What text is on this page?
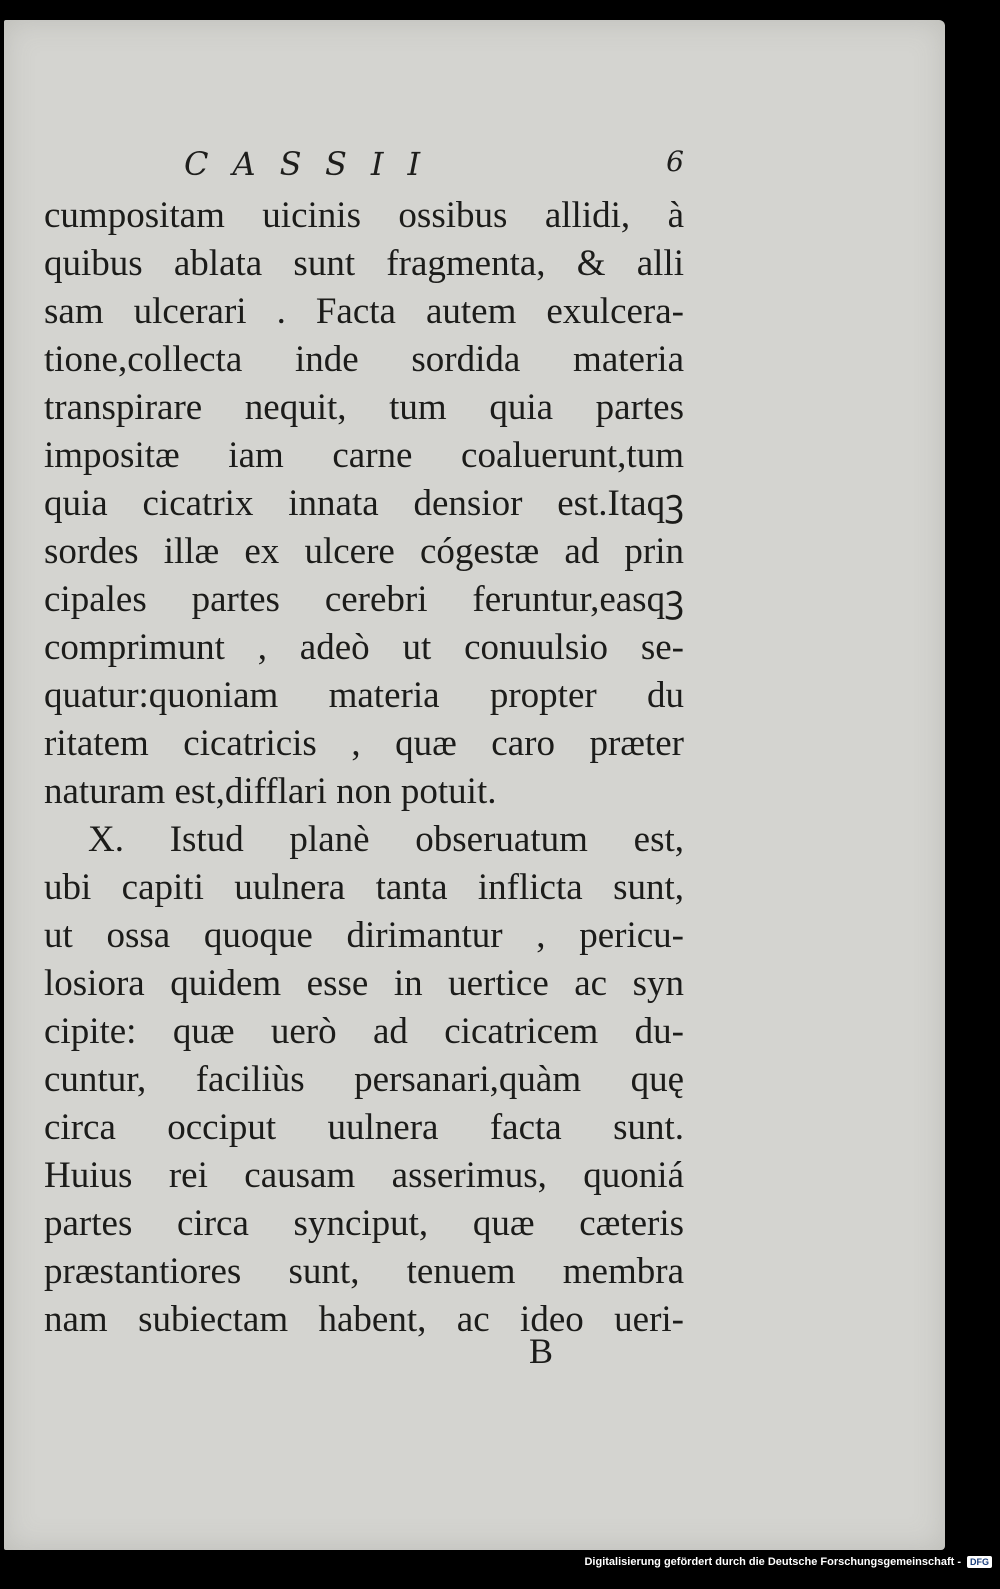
CASSII	6
cumpositam uicinis ossibus allidi, à
quibus ablata sunt fragmenta, & alli
sam ulcerari . Facta autem exulcera-
tione,collecta inde sordida materia
transpirare nequit, tum quia partes
impositæ iam carne coaluerunt,tum
quia cicatrix innata densior est.Itaqꝫ
sordes illæ ex ulcere cógestæ ad prin
cipales partes cerebri feruntur,easqꝫ
comprimunt , adeò ut conuulsio se-
quatur:quoniam materia propter du
ritatem cicatricis , quæ caro præter
naturam est,difflari non potuit.
X. Istud planè obseruatum est,
ubi capiti uulnera tanta inflicta sunt,
ut ossa quoque dirimantur , pericu-
losiora quidem esse in uertice ac syn
cipite: quæ uerò ad cicatricem du-
cuntur, faciliùs persanari,quàm quę
circa occiput uulnera facta sunt.
Huius rei causam asserimus, quoniá
partes circa synciput, quæ cæteris
præstantiores sunt, tenuem membra
nam subiectam habent, ac ideo ueri-
B
Digitalisierung gefördert durch die Deutsche Forschungsgemeinschaft -	DFG
